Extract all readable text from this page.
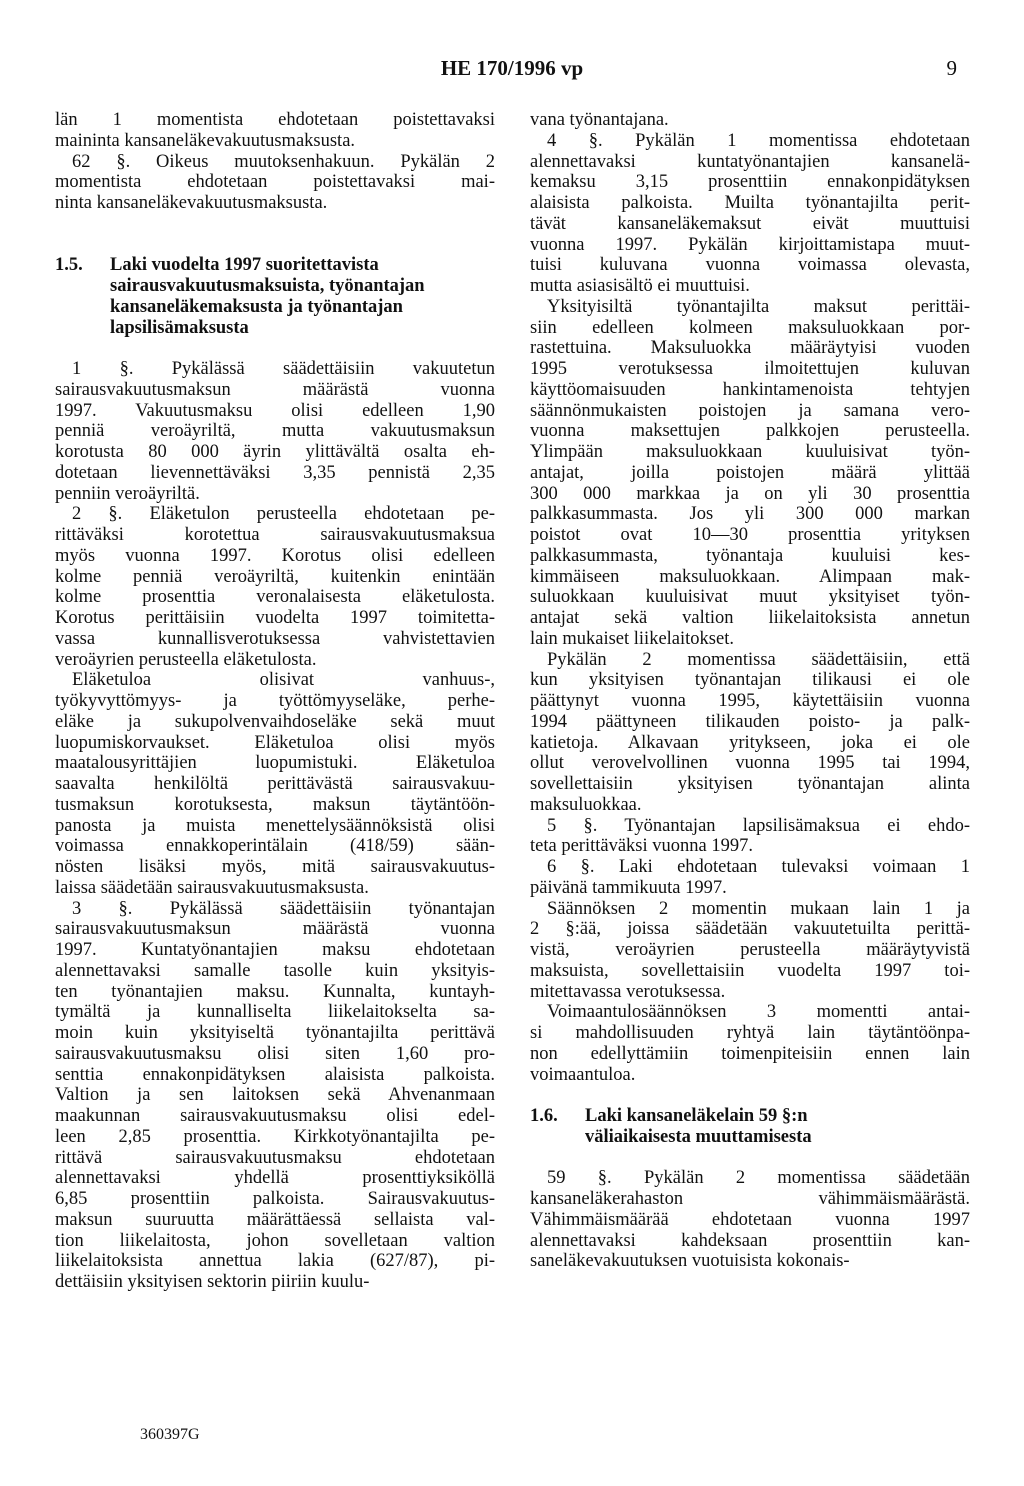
HE 170/1996 vp	9
län 1 momentista ehdotetaan poistettavaksi
maininta kansaneläkevakuutusmaksusta.
62 §. Oikeus muutoksenhakuun. Pykälän 2
momentista ehdotetaan poistettavaksi mai-
ninta kansaneläkevakuutusmaksusta.
1.5. Laki vuodelta 1997 suoritettavista
sairausvakuutusmaksuista, työnantajan
kansaneläkemaksusta ja työnantajan
lapsilisämaksusta
1 §. Pykälässä säädettäisiin vakuutetun
sairausvakuutusmaksun määrästä vuonna
1997. Vakuutusmaksu olisi edelleen 1,90
penniä veroäyriltä, mutta vakuutusmaksun
korotusta 80 000 äyrin ylittävältä osalta eh-
dotetaan lievennettäväksi 3,35 pennistä 2,35
penniin veroäyriltä.
2 §. Eläketulon perusteella ehdotetaan pe-
rittäväksi korotettua sairausvakuutusmaksua
myös vuonna 1997. Korotus olisi edelleen
kolme penniä veroäyriltä, kuitenkin enintään
kolme prosenttia veronalaisesta eläketulosta.
Korotus perittäisiin vuodelta 1997 toimitetta-
vassa kunnallisverotuksessa vahvistettavien
veroäyrien perusteella eläketulosta.
Eläketuloa olisivat vanhuus-,
työkyvyttömyys- ja työttömyyseläke, perhe-
eläke ja sukupolvenvaihdoseläke sekä muut
luopumiskorvaukset. Eläketuloa olisi myös
maatalousyrittäjien luopumistuki. Eläketuloa
saavalta henkilöltä perittävästä sairausvakuu-
tusmaksun korotuksesta, maksun täytäntöön-
panosta ja muista menettelysäännöksistä olisi
voimassa ennakkoperintälain (418/59) sään-
nösten lisäksi myös, mitä sairausvakuutus-
laissa säädetään sairausvakuutusmaksusta.
3 §. Pykälässä säädettäisiin työnantajan
sairausvakuutusmaksun määrästä vuonna
1997. Kuntatyönantajien maksu ehdotetaan
alennettavaksi samalle tasolle kuin yksityis-
ten työnantajien maksu. Kunnalta, kuntayh-
tymältä ja kunnalliselta liikelaitokselta sa-
moin kuin yksityiseltä työnantajilta perittävä
sairausvakuutusmaksu olisi siten 1,60 pro-
senttia ennakonpidätyksen alaisista palkoista.
Valtion ja sen laitoksen sekä Ahvenanmaan
maakunnan sairausvakuutusmaksu olisi edel-
leen 2,85 prosenttia. Kirkkotyönantajilta pe-
rittävä sairausvakuutusmaksu ehdotetaan
alennettavaksi yhdellä prosenttiyksiköllä
6,85 prosenttiin palkoista. Sairausvakuutus-
maksun suuruutta määrättäessä sellaista val-
tion liikelaitosta, johon sovelletaan valtion
liikelaitoksista annettua lakia (627/87), pi-
dettäisiin yksityisen sektorin piiriin kuulu-
vana työnantajana.
4 §. Pykälän 1 momentissa ehdotetaan
alennettavaksi kuntatyönantajien kansanelä-
kemaksu 3,15 prosenttiin ennakonpidätyksen
alaisista palkoista. Muilta työnantajilta perit-
tävät kansaneläkemaksut eivät muuttuisi
vuonna 1997. Pykälän kirjoittamistapa muut-
tuisi kuluvana vuonna voimassa olevasta,
mutta asiasisältö ei muuttuisi.
Yksityisiltä työnantajilta maksut perittäi-
siin edelleen kolmeen maksuluokkaan por-
rastettuina. Maksuluokka määräytyisi vuoden
1995 verotuksessa ilmoitettujen kuluvan
käyttöomaisuuden hankintamenoista tehtyjen
säännönmukaisten poistojen ja samana vero-
vuonna maksettujen palkkojen perusteella.
Ylimpään maksuluokkaan kuuluisivat työn-
antajat, joilla poistojen määrä ylittää
300 000 markkaa ja on yli 30 prosenttia
palkkasummasta. Jos yli 300 000 markan
poistot ovat 10—30 prosenttia yrityksen
palkkasummasta, työnantaja kuuluisi kes-
kimmäiseen maksuluokkaan. Alimpaan mak-
suluokkaan kuuluisivat muut yksityiset työn-
antajat sekä valtion liikelaitoksista annetun
lain mukaiset liikelaitokset.
Pykälän 2 momentissa säädettäisiin, että
kun yksityisen työnantajan tilikausi ei ole
päättynyt vuonna 1995, käytettäisiin vuonna
1994 päättyneen tilikauden poisto- ja palk-
katietoja. Alkavaan yritykseen, joka ei ole
ollut verovelvollinen vuonna 1995 tai 1994,
sovellettaisiin yksityisen työnantajan alinta
maksuluokkaa.
5 §. Työnantajan lapsilisämaksua ei ehdo-
teta perittäväksi vuonna 1997.
6 §. Laki ehdotetaan tulevaksi voimaan 1
päivänä tammikuuta 1997.
Säännöksen 2 momentin mukaan lain 1 ja
2 §:ää, joissa säädetään vakuutetuilta perittä-
vistä, veroäyrien perusteella määräytyvistä
maksuista, sovellettaisiin vuodelta 1997 toi-
mitettavassa verotuksessa.
Voimaantulosäännöksen 3 momentti antai-
si mahdollisuuden ryhtyä lain täytäntöönpa-
non edellyttämiin toimenpiteisiin ennen lain
voimaantuloa.
1.6. Laki kansaneläkelain 59 §:n
väliaikaisesta muuttamisesta
59 §. Pykälän 2 momentissa säädetään
kansaneläkerahaston vähimmäismäärästä.
Vähimmäismäärää ehdotetaan vuonna 1997
alennettavaksi kahdeksaan prosenttiin kan-
saneläkevakuutuksen vuotuisista kokonais-
360397G
